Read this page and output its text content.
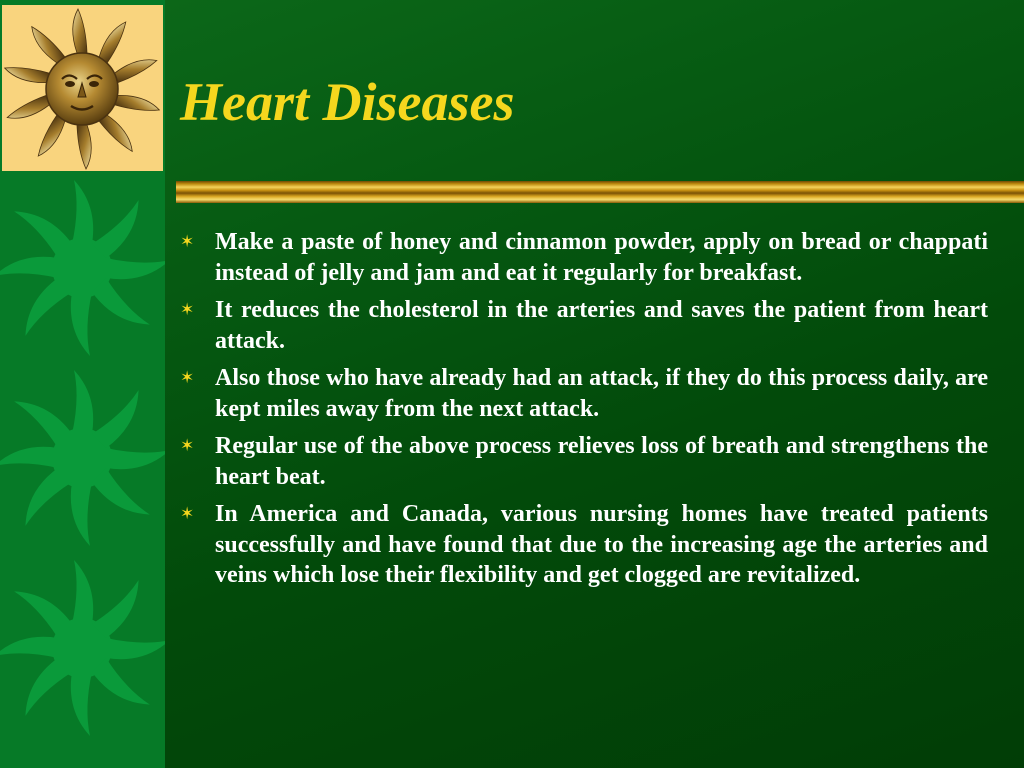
Heart Diseases
✶ Make a paste of honey and cinnamon powder, apply on bread or chappati instead of jelly and jam and eat it regularly for breakfast.
✶ It reduces the cholesterol in the arteries and saves the patient from heart attack.
✶ Also those who have already had an attack, if they do this process daily, are kept miles away from the next attack.
✶ Regular use of the above process relieves loss of breath and strengthens the heart beat.
✶ In America and Canada, various nursing homes have treated patients successfully and have found that due to the increasing age the arteries and veins which lose their flexibility and get clogged are revitalized.
